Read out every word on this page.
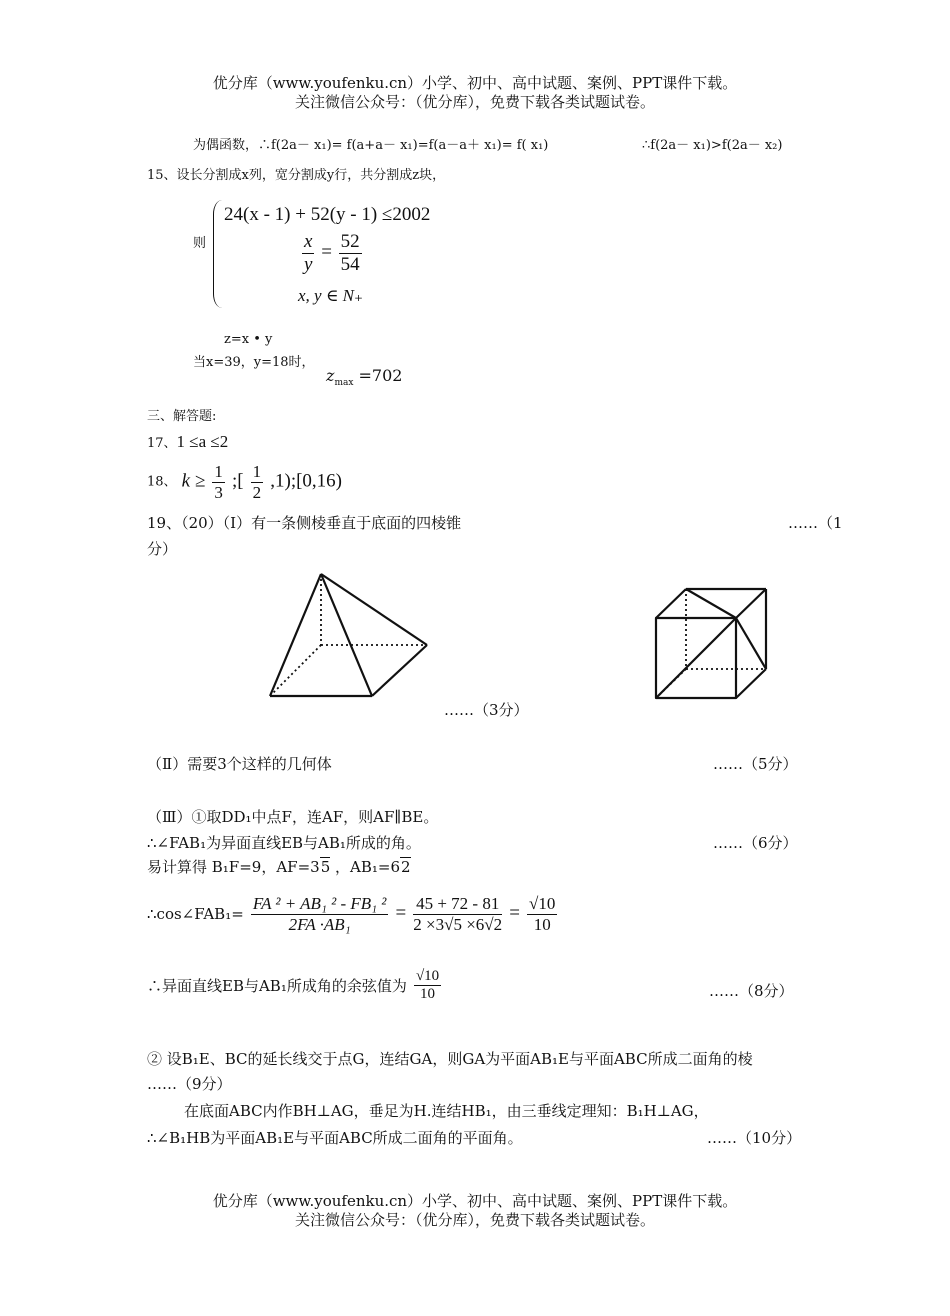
优分库（www.youfenku.cn）小学、初中、高中试题、案例、PPT课件下载。
关注微信公众号：（优分库），免费下载各类试题试卷。
为偶函数，∴f(2a－ x₁)= f(a+a－ x₁)=f(a－a＋ x₁)= f( x₁)	∴f(2a－ x₁)>f(2a－ x₂)
15、设长分割成x列，宽分割成y行，共分割成z块，
则
24(x - 1) + 52(y - 1) ≤2002
$\frac{x}{y} = \frac{52}{54}$
x, y ∈ N₊
z=x • y
当x=39，y=18时，
$z_{max} =702$
三、解答题:
17、1 ≤a ≤2
18、 $k \ge \frac{1}{3}$ ;[ $\frac{1}{2}$ ,1);[0,16)
19、（20）（Ⅰ）有一条侧棱垂直于底面的四棱锥	……（1
分）
……（3分）
（Ⅱ）需要3个这样的几何体	……（5分）
（Ⅲ）①取DD₁中点F，连AF，则AF∥BE。
∴∠FAB₁为异面直线EB与AB₁所成的角。	……（6分）
易计算得 B₁F=9，AF=35 ，AB₁=62
∴cos∠FAB₁= $\frac{\text{FA ² + AB₁ ² - FB₁ ²}}{\text{2FA ·AB₁}} = \frac{45 + 72 - 81}{2 \times 3√5 \times 6√2} = \frac{√10}{10}$
∴异面直线EB与AB₁所成角的余弦值为 $\frac{√10}{10}$	……（8分）
② 设B₁E、BC的延长线交于点G，连结GA，则GA为平面AB₁E与平面ABC所成二面角的棱
……（9分）
在底面ABC内作BH⊥AG，垂足为H.连结HB₁，由三垂线定理知：B₁H⊥AG，
∴∠B₁HB为平面AB₁E与平面ABC所成二面角的平面角。	……（10分）
优分库（www.youfenku.cn）小学、初中、高中试题、案例、PPT课件下载。
关注微信公众号：（优分库），免费下载各类试题试卷。
